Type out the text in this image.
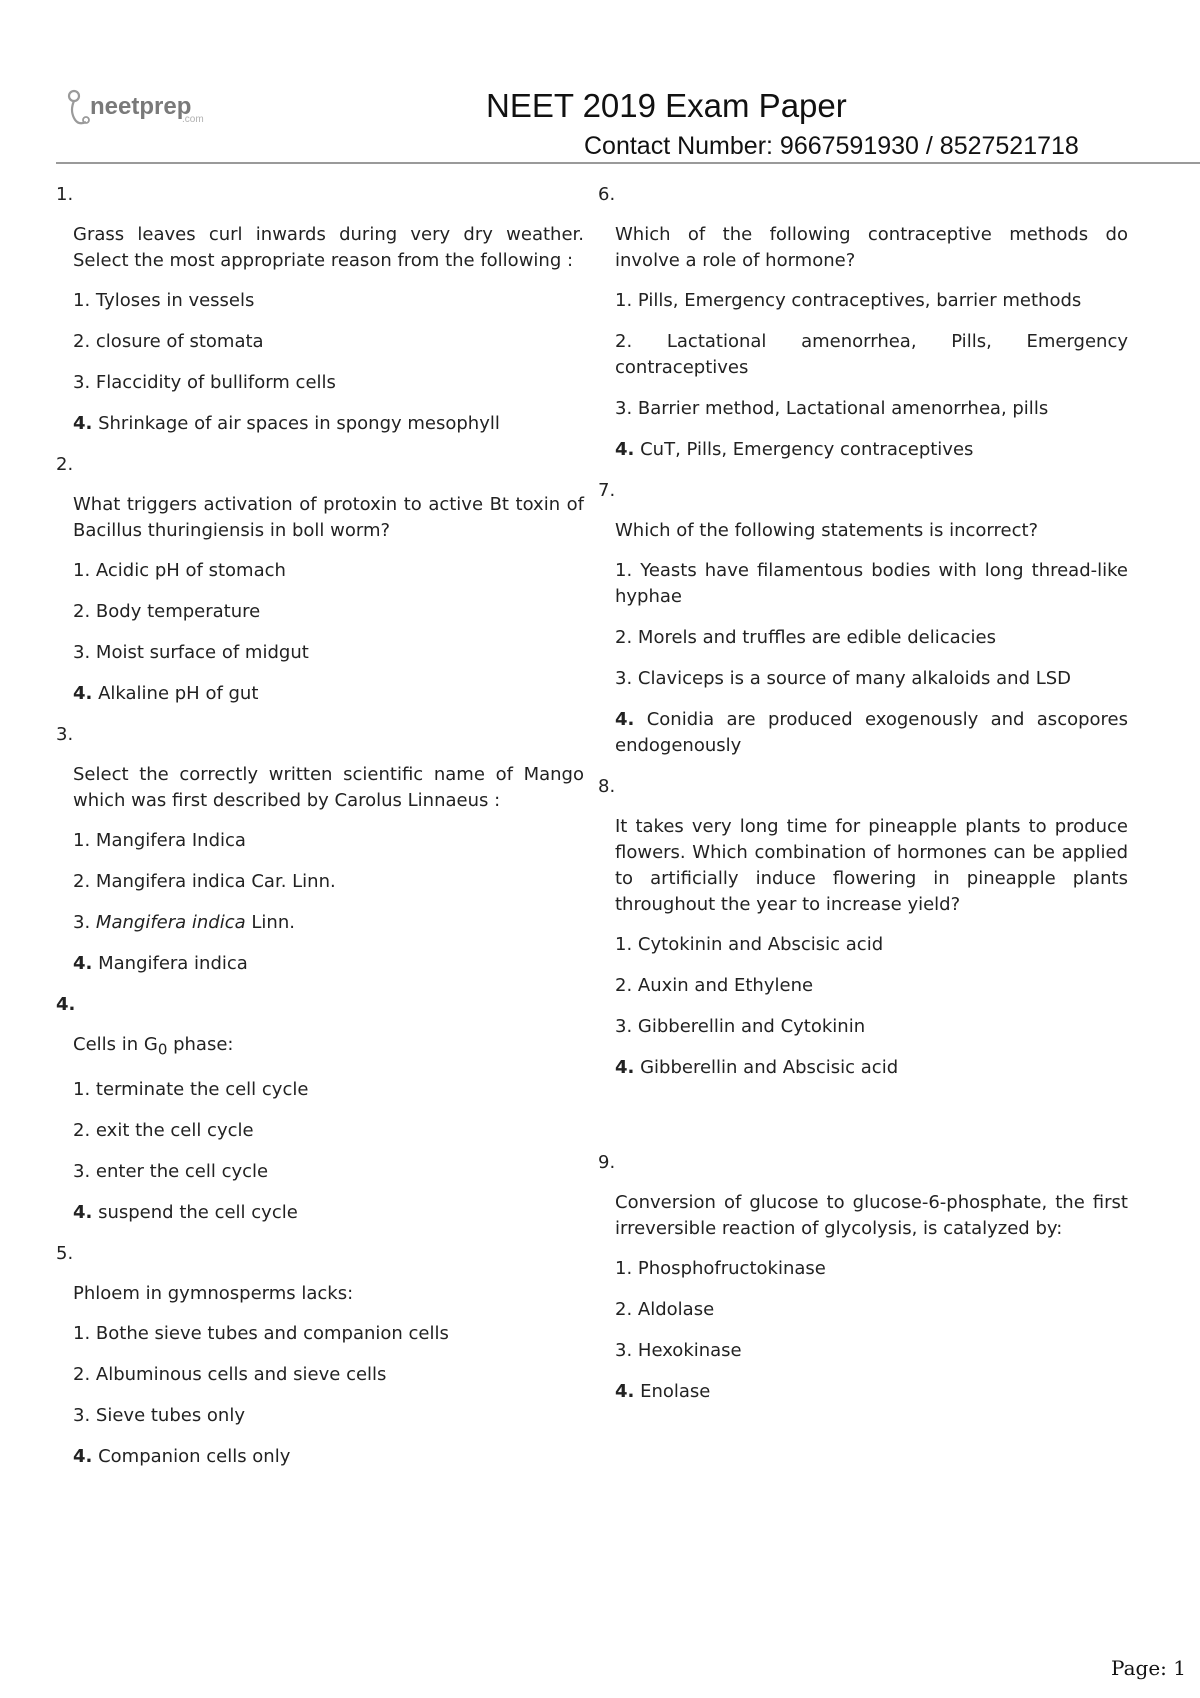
neetprep
.com	NEET 2019 Exam Paper
Contact Number: 9667591930 / 8527521718
1.

Grass leaves curl inwards during very dry weather. Select the most appropriate reason from the following :

1. Tyloses in vessels

2. closure of stomata

3. Flaccidity of bulliform cells

4. Shrinkage of air spaces in spongy mesophyll

2.

What triggers activation of protoxin to active Bt toxin of Bacillus thuringiensis in boll worm?

1. Acidic pH of stomach

2. Body temperature

3. Moist surface of midgut

4. Alkaline pH of gut

3.

Select the correctly written scientific name of Mango which was first described by Carolus Linnaeus :

1. Mangifera Indica

2. Mangifera indica Car. Linn.

3. Mangifera indica Linn.

4. Mangifera indica

4.

Cells in $G_0$ phase:

1. terminate the cell cycle

2. exit the cell cycle

3. enter the cell cycle

4. suspend the cell cycle

5.

Phloem in gymnosperms lacks:

1. Bothe sieve tubes and companion cells

2. Albuminous cells and sieve cells

3. Sieve tubes only

4. Companion cells only

6.

Which of the following contraceptive methods do involve a role of hormone?

1. Pills, Emergency contraceptives, barrier methods

2. Lactational amenorrhea, Pills, Emergency contraceptives

3. Barrier method, Lactational amenorrhea, pills

4. CuT, Pills, Emergency contraceptives

7.

Which of the following statements is incorrect?

1. Yeasts have filamentous bodies with long thread-like hyphae

2. Morels and truffles are edible delicacies

3. Claviceps is a source of many alkaloids and LSD

4. Conidia are produced exogenously and ascopores endogenously

8.

It takes very long time for pineapple plants to produce flowers. Which combination of hormones can be applied to artificially induce flowering in pineapple plants throughout the year to increase yield?

1. Cytokinin and Abscisic acid

2. Auxin and Ethylene

3. Gibberellin and Cytokinin

4. Gibberellin and Abscisic acid

9.

Conversion of glucose to glucose-6-phosphate, the first irreversible reaction of glycolysis, is catalyzed by:

1. Phosphofructokinase

2. Aldolase

3. Hexokinase

4. Enolase

Page: 1
